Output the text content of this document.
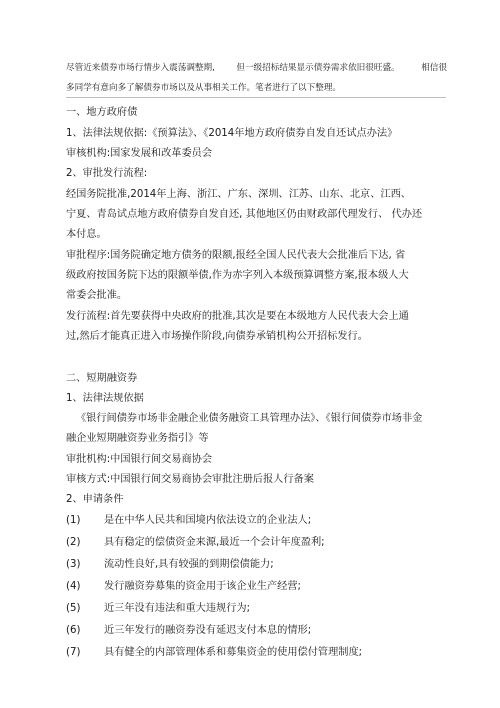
尽管近来债券市场行情步入震荡调整期,	但一级招标结果显示债券需求依旧很旺盛。	相信很
多同学有意向多了解债券市场以及从事相关工作。笔者进行了以下整理。
一、地方政府债
1、法律法规依据:《预算法》、《2014年地方政府债券自发自还试点办法》
审核机构:国家发展和改革委员会
2、审批发行流程:
经国务院批准,2014年上海、浙江、广东、深圳、江苏、山东、北京、江西、
宁夏、青岛试点地方政府债券自发自还, 其他地区仍由财政部代理发行、 代办还
本付息。
审批程序:国务院确定地方债务的限额,报经全国人民代表大会批准后下达, 省
级政府按国务院下达的限额举债,作为赤字列入本级预算调整方案,报本级人大
常委会批准。
发行流程:首先要获得中央政府的批准,其次是要在本级地方人民代表大会上通
过,然后才能真正进入市场操作阶段,向债券承销机构公开招标发行。
二、短期融资券
1、法律法规依据
《银行间债券市场非金融企业债务融资工具管理办法》、《银行间债券市场非金
融企业短期融资券业务指引》等
审批机构:中国银行间交易商协会
审核方式:中国银行间交易商协会审批注册后报人行备案
2、申请条件
(1) 是在中华人民共和国境内依法设立的企业法人;
(2) 具有稳定的偿债资金来源,最近一个会计年度盈利;
(3) 流动性良好,具有较强的到期偿债能力;
(4) 发行融资券募集的资金用于该企业生产经营;
(5) 近三年没有违法和重大违规行为;
(6) 近三年发行的融资券没有延迟支付本息的情形;
(7) 具有健全的内部管理体系和募集资金的使用偿付管理制度;
